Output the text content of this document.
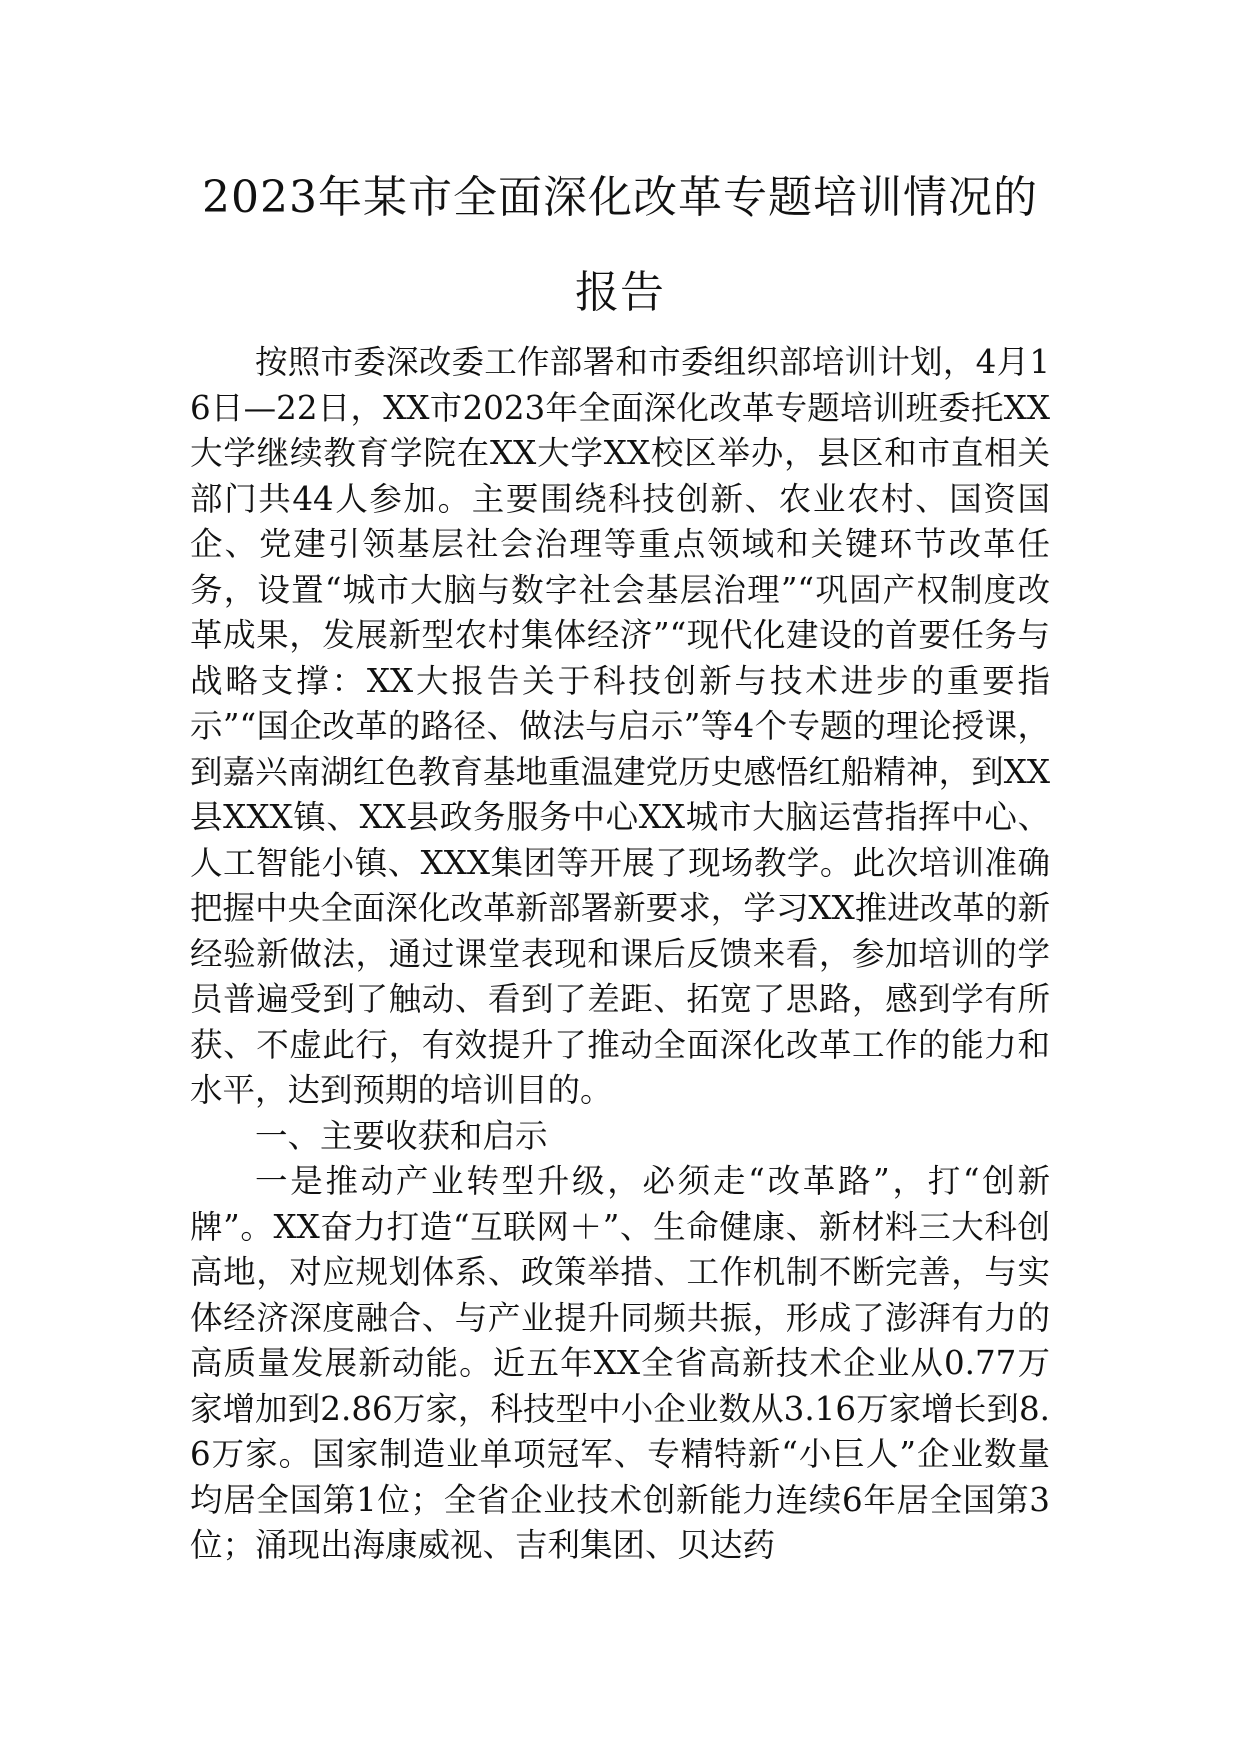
2023年某市全面深化改革专题培训情况的
报告

按照市委深改委工作部署和市委组织部培训计划，4月16日—22日，XX市2023年全面深化改革专题培训班委托XX大学继续教育学院在XX大学XX校区举办，县区和市直相关部门共44人参加。主要围绕科技创新、农业农村、国资国企、党建引领基层社会治理等重点领域和关键环节改革任务，设置“城市大脑与数字社会基层治理”“巩固产权制度改革成果，发展新型农村集体经济”“现代化建设的首要任务与战略支撑：XX大报告关于科技创新与技术进步的重要指示”“国企改革的路径、做法与启示”等4个专题的理论授课，到嘉兴南湖红色教育基地重温建党历史感悟红船精神，到XX县XXX镇、XX县政务服务中心XX城市大脑运营指挥中心、人工智能小镇、XXX集团等开展了现场教学。此次培训准确把握中央全面深化改革新部署新要求，学习XX推进改革的新经验新做法，通过课堂表现和课后反馈来看，参加培训的学员普遍受到了触动、看到了差距、拓宽了思路，感到学有所获、不虚此行，有效提升了推动全面深化改革工作的能力和水平，达到预期的培训目的。

一、主要收获和启示

一是推动产业转型升级，必须走“改革路”，打“创新牌”。XX奋力打造“互联网＋”、生命健康、新材料三大科创高地，对应规划体系、政策举措、工作机制不断完善，与实体经济深度融合、与产业提升同频共振，形成了澎湃有力的高质量发展新动能。近五年XX全省高新技术企业从0.77万家增加到2.86万家，科技型中小企业数从3.16万家增长到8.6万家。国家制造业单项冠军、专精特新“小巨人”企业数量均居全国第1位；全省企业技术创新能力连续6年居全国第3位；涌现出海康威视、吉利集团、贝达药
